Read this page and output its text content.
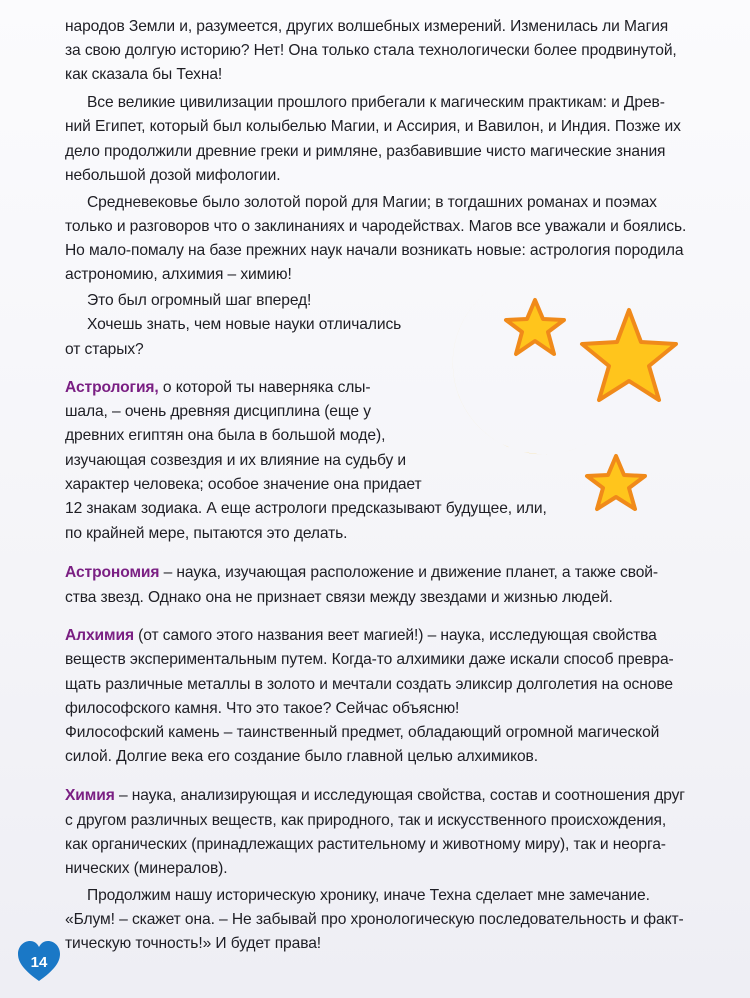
народов Земли и, разумеется, других волшебных измерений. Изменилась ли Магия

за свою долгую историю? Нет! Она только стала технологически более продвинутой,

как сказала бы Техна!

Все великие цивилизации прошлого прибегали к магическим практикам: и Древ-

ний Египет, который был колыбелью Магии, и Ассирия, и Вавилон, и Индия. Позже их

дело продолжили древние греки и римляне, разбавившие чисто магические знания

небольшой дозой мифологии.

Средневековье было золотой порой для Магии; в тогдашних романах и поэмах

только и разговоров что о заклинаниях и чародействах. Магов все уважали и боялись.

Но мало-помалу на базе прежних наук начали возникать новые: астрология породила

астрономию, алхимия – химию!

Это был огромный шаг вперед!

Хочешь знать, чем новые науки отличались

от старых?

Астрология, о которой ты наверняка слы-

шала, – очень древняя дисциплина (еще у

древних египтян она была в большой моде),

изучающая созвездия и их влияние на судьбу и

характер человека; особое значение она придает

12 знакам зодиака. А еще астрологи предсказывают будущее, или,

по крайней мере, пытаются это делать.

Астрономия – наука, изучающая расположение и движение планет, а также свой-

ства звезд. Однако она не признает связи между звездами и жизнью людей.

Алхимия (от самого этого названия веет магией!) – наука, исследующая свойства

веществ экспериментальным путем. Когда-то алхимики даже искали способ превра-

щать различные металлы в золото и мечтали создать эликсир долголетия на основе

философского камня. Что это такое? Сейчас объясню!

Философский камень – таинственный предмет, обладающий огромной магической

силой. Долгие века его создание было главной целью алхимиков.

Химия – наука, анализирующая и исследующая свойства, состав и соотношения друг

с другом различных веществ, как природного, так и искусственного происхождения,

как органических (принадлежащих растительному и животному миру), так и неорга-

нических (минералов).

Продолжим нашу историческую хронику, иначе Техна сделает мне замечание.

«Блум! – скажет она. – Не забывай про хронологическую последовательность и факт-

тическую точность!» И будет права!

14
